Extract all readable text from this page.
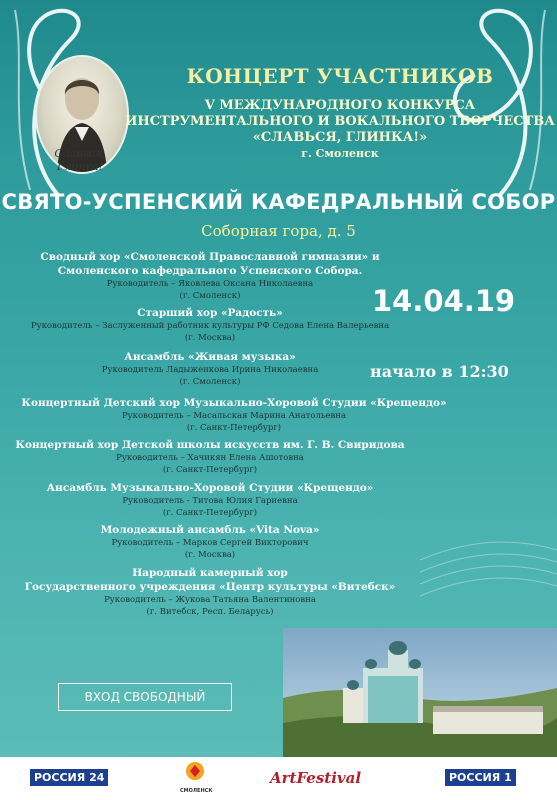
Славься, Глинка!
КОНЦЕРТ УЧАСТНИКОВ
V МЕЖДУНАРОДНОГО КОНКУРСА
ИНСТРУМЕНТАЛЬНОГО И ВОКАЛЬНОГО ТВОРЧЕСТВА
«СЛАВЬСЯ, ГЛИНКА!»
г. Смоленск
СВЯТО-УСПЕНСКИЙ КАФЕДРАЛЬНЫЙ СОБОР
Соборная гора, д. 5
Сводный хор «Смоленской Православной гимназии» и
Смоленского кафедрального Успенского Собора.
Руководитель – Яковлева Оксана Николаевна
(г. Смоленск)
Старший хор «Радость»
Руководитель – Заслуженный работник культуры РФ Седова Елена Валерьевна
(г. Москва)
Ансамбль «Живая музыка»
Руководитель Ладыженкова Ирина Николаевна
(г. Смоленск)
Концертный Детский хор Музыкально-Хоровой Студии «Крещендо»
Руководитель – Масальская Марина Анатольевна
(г. Санкт-Петербург)
Концертный хор Детской школы искусств им. Г. В. Свиридова
Руководитель – Хачикян Елена Ашотовна
(г. Санкт-Петербург)
Ансамбль Музыкально-Хоровой Студии «Крещендо»
Руководитель - Титова Юлия Гариевна
(г. Санкт-Петербург)
Молодежный ансамбль «Vita Nova»
Руководитель – Марков Сергей Викторович
(г. Москва)
Народный камерный хор
Государственного учреждения «Центр культуры «Витебск»
Руководитель – Жукова Татьяна Валентиновна
(г. Витебск, Респ. Беларусь)
14.04.19
начало в 12:30
ВХОД СВОБОДНЫЙ
РОССИЯ 24
СМОЛЕНСК
ArtFestival	РОССИЯ 1
